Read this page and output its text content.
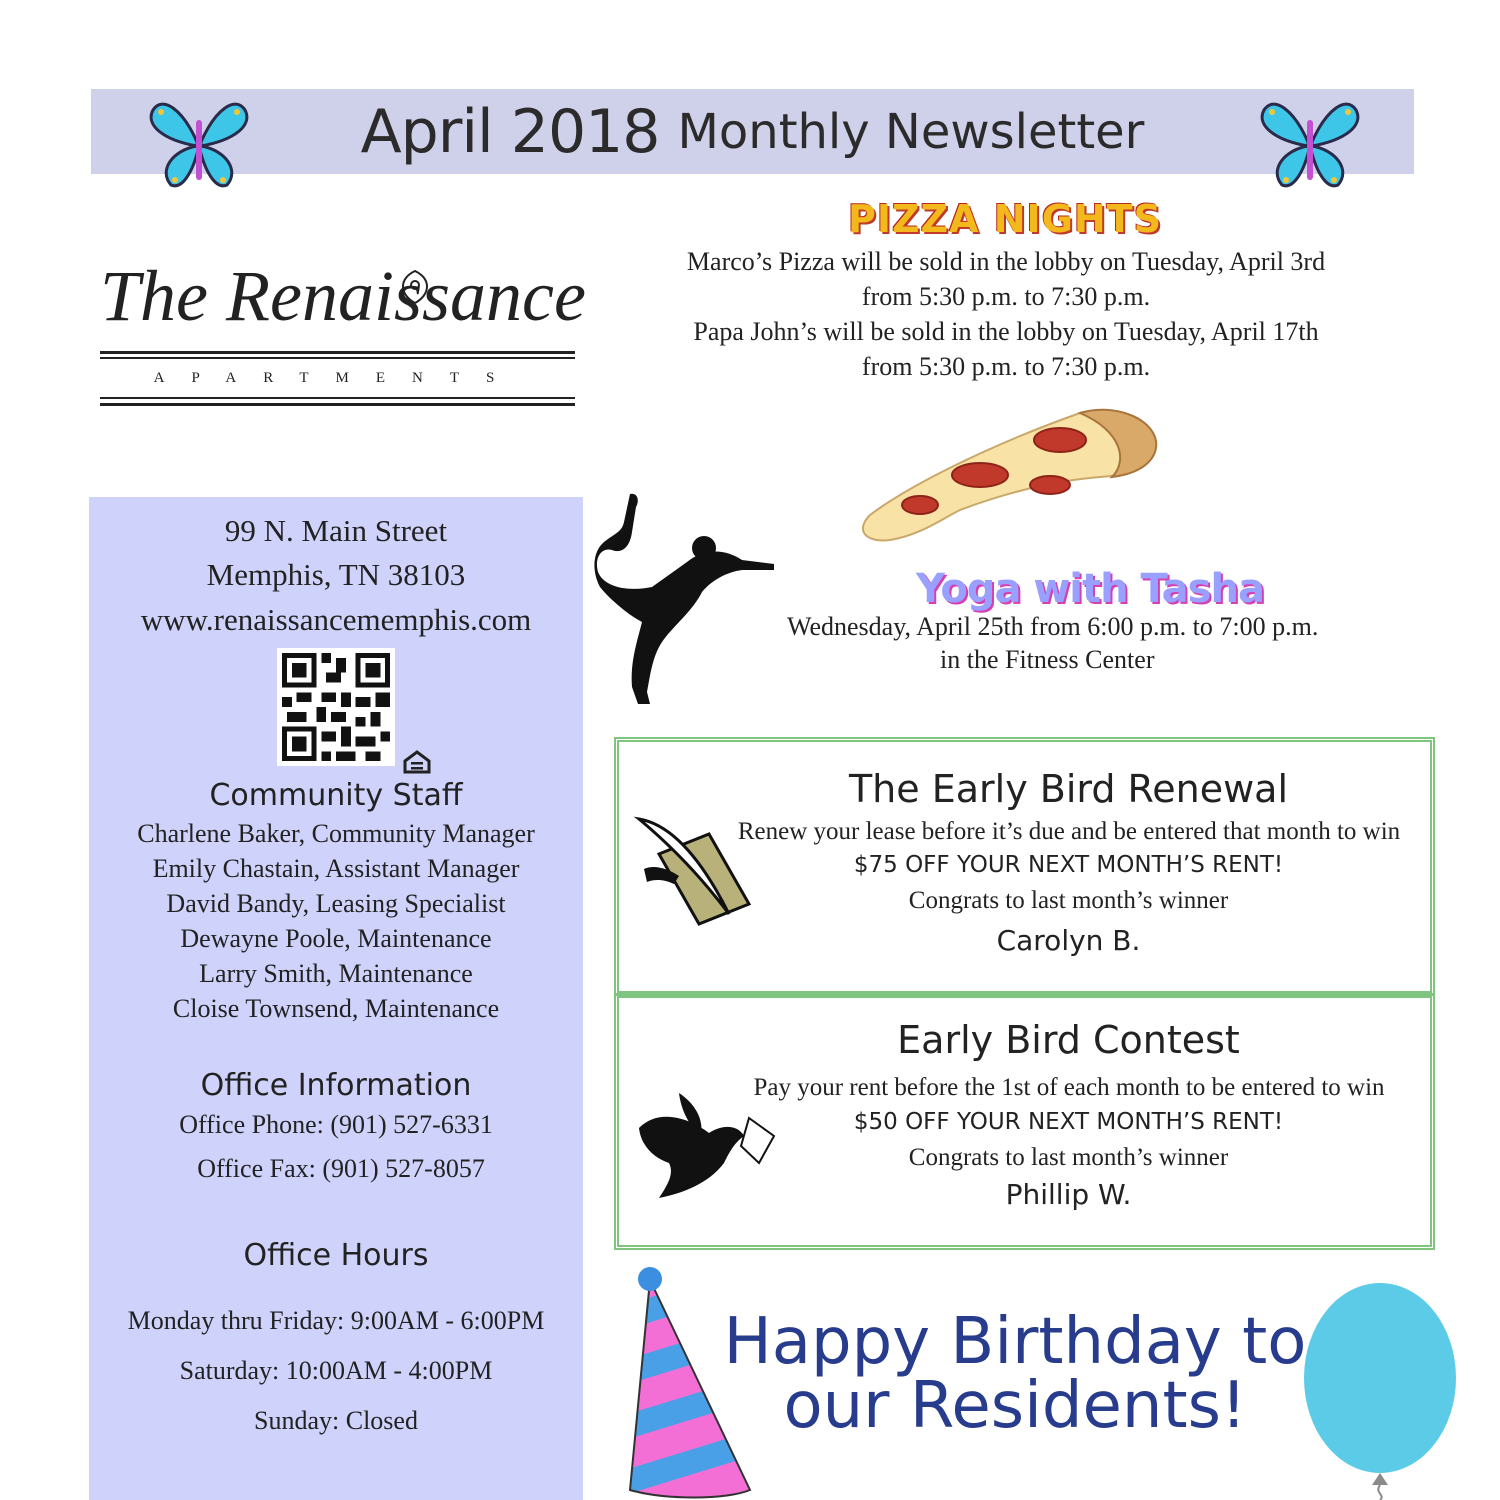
April 2018 Monthly Newsletter
The Renaissance
APARTMENTS
99 N. Main Street
Memphis, TN 38103
www.renaissancememphis.com
Community Staff
Charlene Baker, Community Manager
Emily Chastain, Assistant Manager
David Bandy, Leasing Specialist
Dewayne Poole, Maintenance
Larry Smith, Maintenance
Cloise Townsend, Maintenance
Office Information
Office Phone: (901) 527-6331
Office Fax: (901) 527-8057
Office Hours
Monday thru Friday: 9:00AM - 6:00PM
Saturday: 10:00AM - 4:00PM
Sunday: Closed
PIZZA NIGHTS
Marco’s Pizza will be sold in the lobby on Tuesday, April 3rd
from 5:30 p.m. to 7:30 p.m.
Papa John’s will be sold in the lobby on Tuesday, April 17th
from 5:30 p.m. to 7:30 p.m.
Yoga with Tasha
Wednesday, April 25th from 6:00 p.m. to 7:00 p.m.
in the Fitness Center
The Early Bird Renewal
Renew your lease before it’s due and be entered that month to win
$75 OFF YOUR NEXT MONTH’S RENT!
Congrats to last month’s winner
Carolyn B.
Early Bird Contest
Pay your rent before the 1st of each month to be entered to win
$50 OFF YOUR NEXT MONTH’S RENT!
Congrats to last month’s winner
Phillip W.
Happy Birthday to
our Residents!
